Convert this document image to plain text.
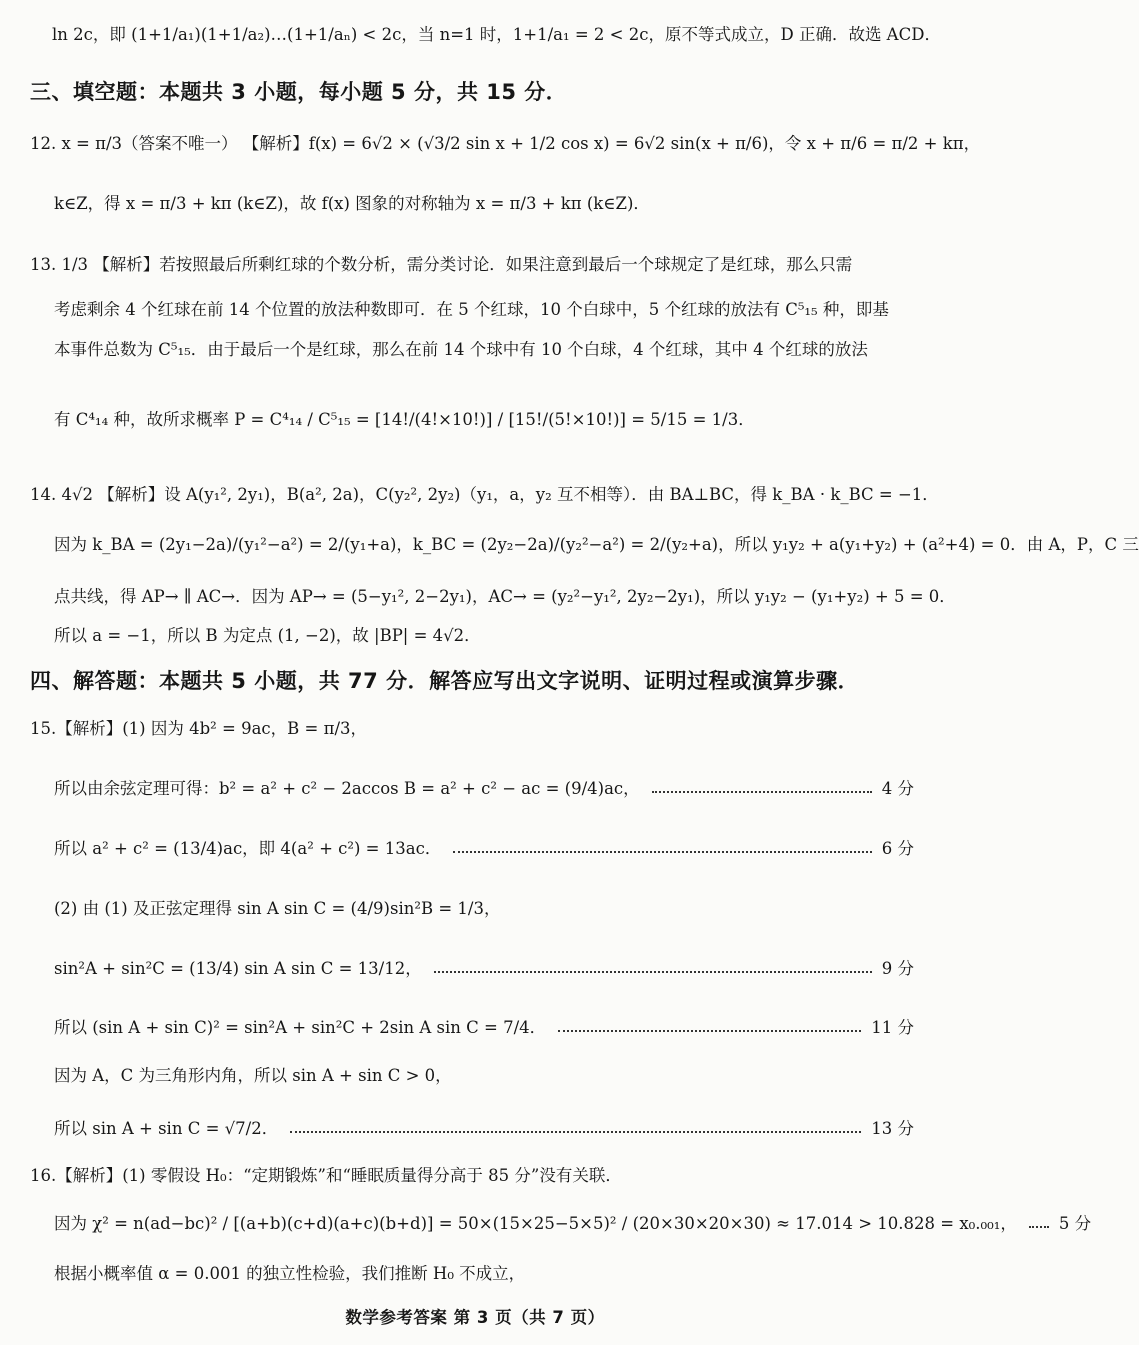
ln 2c，即 (1+1/a₁)(1+1/a₂)…(1+1/aₙ) < 2c，当 n=1 时，1+1/a₁ = 2 < 2c，原不等式成立，D 正确．故选 ACD．
三、填空题：本题共 3 小题，每小题 5 分，共 15 分．
12. x = π/3（答案不唯一） 【解析】f(x) = 6√2 × (√3/2 sin x + 1/2 cos x) = 6√2 sin(x + π/6)，令 x + π/6 = π/2 + kπ，
k∈Z，得 x = π/3 + kπ (k∈Z)，故 f(x) 图象的对称轴为 x = π/3 + kπ (k∈Z)．
13. 1/3 【解析】若按照最后所剩红球的个数分析，需分类讨论．如果注意到最后一个球规定了是红球，那么只需
考虑剩余 4 个红球在前 14 个位置的放法种数即可．在 5 个红球，10 个白球中，5 个红球的放法有 C⁵₁₅ 种，即基
本事件总数为 C⁵₁₅．由于最后一个是红球，那么在前 14 个球中有 10 个白球，4 个红球，其中 4 个红球的放法
有 C⁴₁₄ 种，故所求概率 P = C⁴₁₄ / C⁵₁₅ = [14!/(4!×10!)] / [15!/(5!×10!)] = 5/15 = 1/3．
14. 4√2 【解析】设 A(y₁², 2y₁)，B(a², 2a)，C(y₂², 2y₂)（y₁，a，y₂ 互不相等）．由 BA⊥BC，得 k_BA · k_BC = −1．
因为 k_BA = (2y₁−2a)/(y₁²−a²) = 2/(y₁+a)，k_BC = (2y₂−2a)/(y₂²−a²) = 2/(y₂+a)，所以 y₁y₂ + a(y₁+y₂) + (a²+4) = 0．由 A，P，C 三
点共线，得 AP→ ∥ AC→．因为 AP→ = (5−y₁², 2−2y₁)，AC→ = (y₂²−y₁², 2y₂−2y₁)，所以 y₁y₂ − (y₁+y₂) + 5 = 0．
所以 a = −1，所以 B 为定点 (1, −2)，故 |BP| = 4√2．
四、解答题：本题共 5 小题，共 77 分．解答应写出文字说明、证明过程或演算步骤．
15.【解析】(1) 因为 4b² = 9ac，B = π/3，
所以由余弦定理可得：b² = a² + c² − 2accos B = a² + c² − ac = (9/4)ac，	4 分
所以 a² + c² = (13/4)ac，即 4(a² + c²) = 13ac．	6 分
(2) 由 (1) 及正弦定理得 sin A sin C = (4/9)sin²B = 1/3，
sin²A + sin²C = (13/4) sin A sin C = 13/12，	9 分
所以 (sin A + sin C)² = sin²A + sin²C + 2sin A sin C = 7/4．	11 分
因为 A，C 为三角形内角，所以 sin A + sin C > 0，
所以 sin A + sin C = √7/2．	13 分
16.【解析】(1) 零假设 H₀：“定期锻炼”和“睡眠质量得分高于 85 分”没有关联．
因为 χ² = n(ad−bc)² / [(a+b)(c+d)(a+c)(b+d)] = 50×(15×25−5×5)² / (20×30×20×30) ≈ 17.014 > 10.828 = x₀.₀₀₁，	5 分
根据小概率值 α = 0.001 的独立性检验，我们推断 H₀ 不成立，
数学参考答案 第 3 页（共 7 页）
